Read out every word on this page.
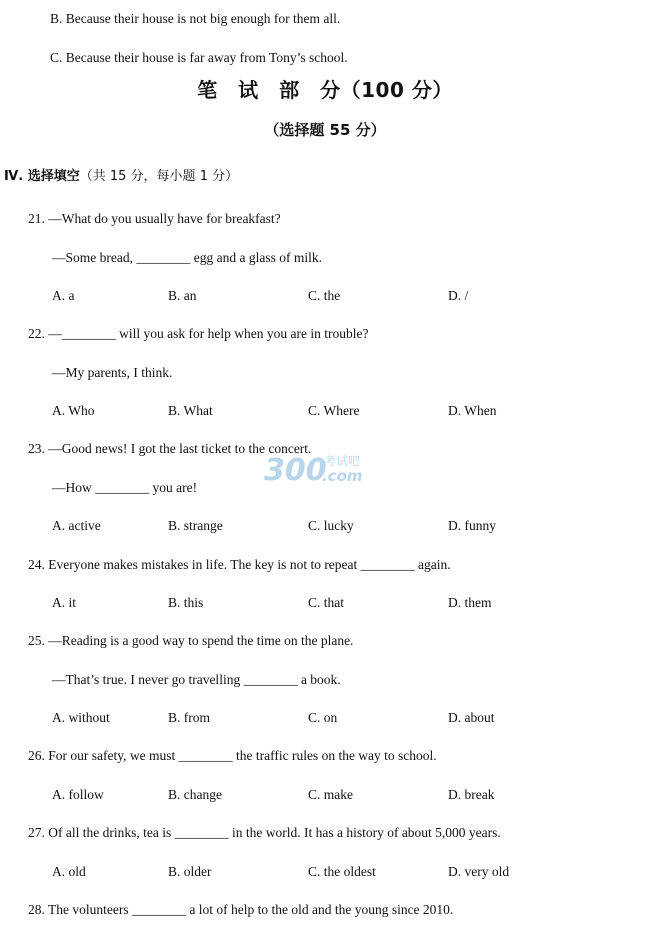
B. Because their house is not big enough for them all.
C. Because their house is far away from Tony’s school.
笔　试　部　分（100 分）
（选择题 55 分）
Ⅳ. 选择填空（共 15 分，每小题 1 分）
21. —What do you usually have for breakfast?
—Some bread, ________ egg and a glass of milk.
A. a	B. an	C. the	D. /
22. —________ will you ask for help when you are in trouble?
—My parents, I think.
A. Who	B. What	C. Where	D. When
23. —Good news! I got the last ticket to the concert.
—How ________ you are!
A. active	B. strange	C. lucky	D. funny
300
考试吧
.com
24. Everyone makes mistakes in life. The key is not to repeat ________ again.
A. it	B. this	C. that	D. them
25. —Reading is a good way to spend the time on the plane.
—That’s true. I never go travelling ________ a book.
A. without	B. from	C. on	D. about
26. For our safety, we must ________ the traffic rules on the way to school.
A. follow	B. change	C. make	D. break
27. Of all the drinks, tea is ________ in the world. It has a history of about 5,000 years.
A. old	B. older	C. the oldest	D. very old
28. The volunteers ________ a lot of help to the old and the young since 2010.
